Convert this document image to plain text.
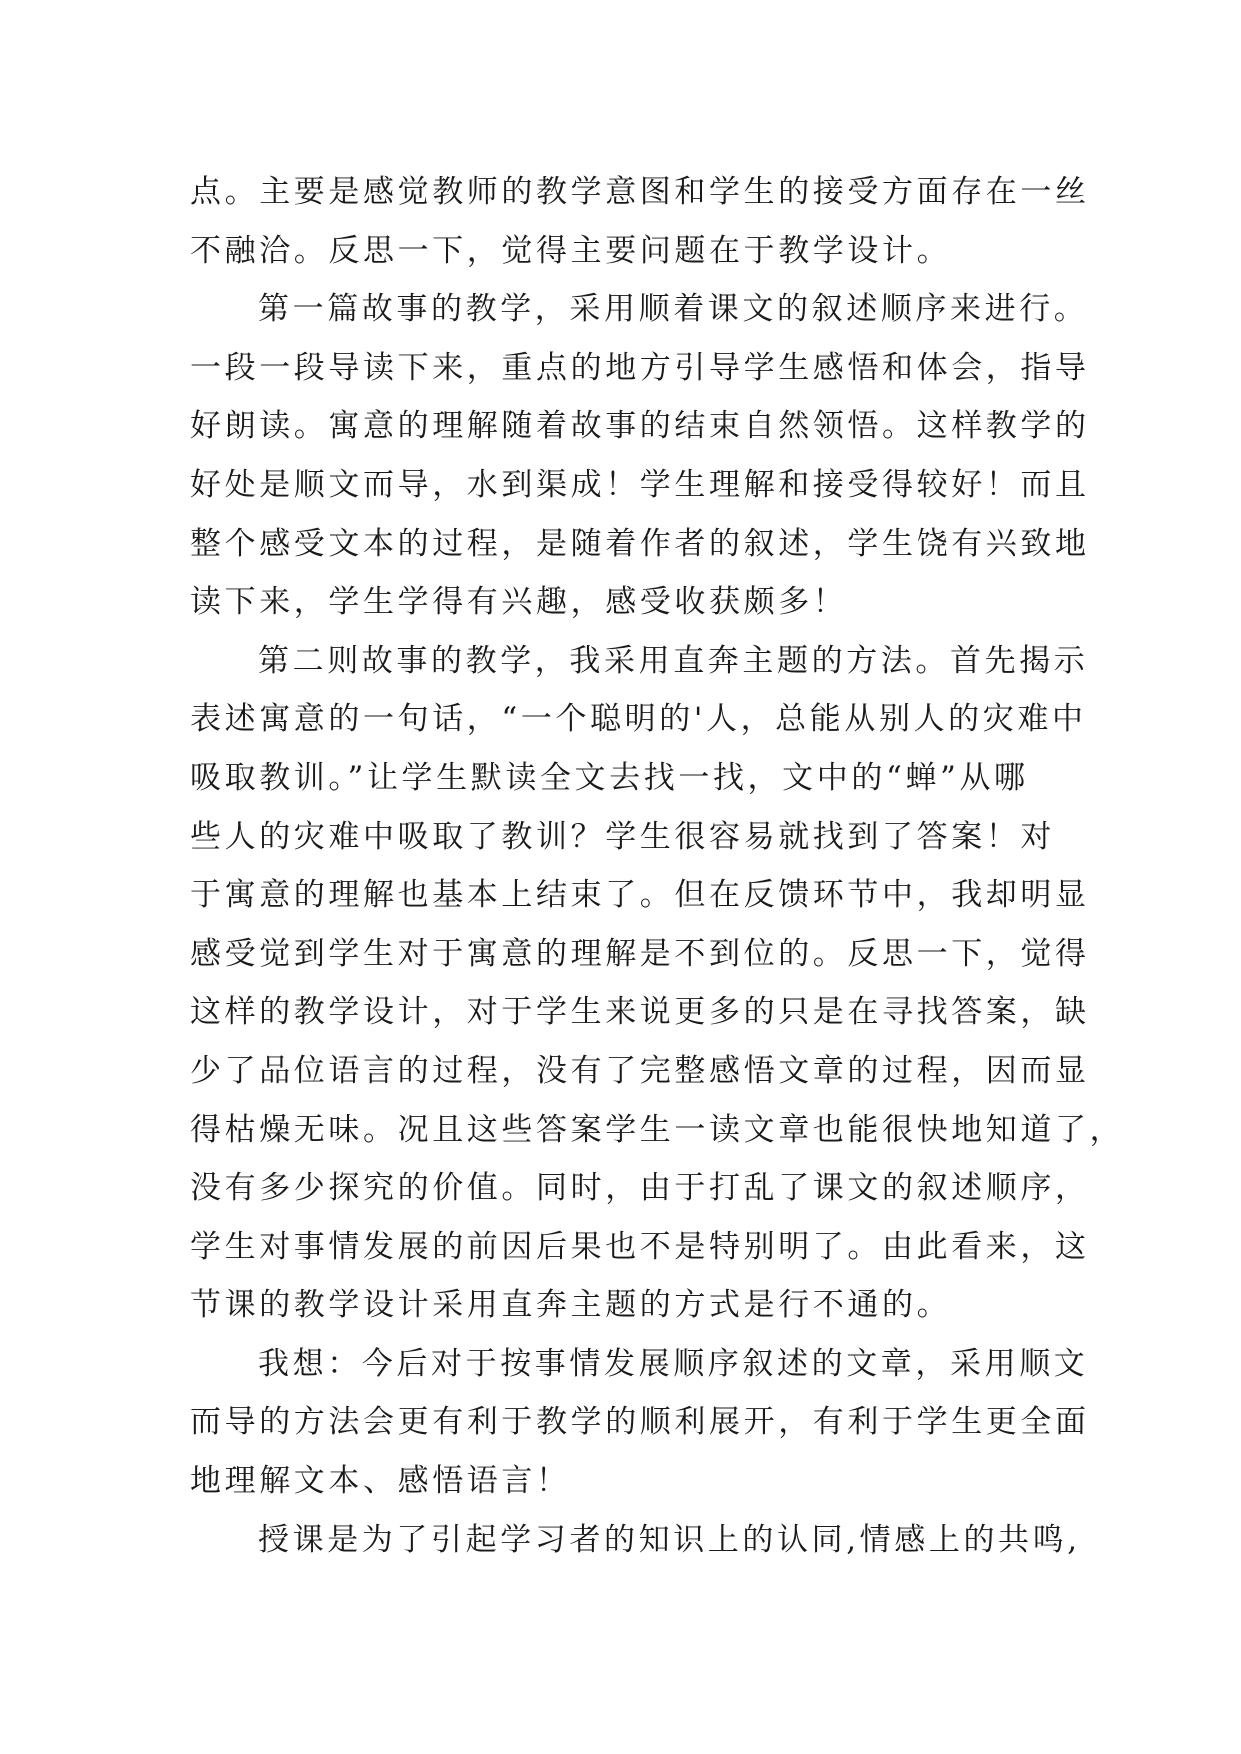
点。主要是感觉教师的教学意图和学生的接受方面存在一丝
不融洽。反思一下，觉得主要问题在于教学设计。
第一篇故事的教学，采用顺着课文的叙述顺序来进行。
一段一段导读下来，重点的地方引导学生感悟和体会，指导
好朗读。寓意的理解随着故事的结束自然领悟。这样教学的
好处是顺文而导，水到渠成！学生理解和接受得较好！而且
整个感受文本的过程，是随着作者的叙述，学生饶有兴致地
读下来，学生学得有兴趣，感受收获颇多！
第二则故事的教学，我采用直奔主题的方法。首先揭示
表述寓意的一句话，“一个聪明的'人，总能从别人的灾难中
吸取教训。”让学生默读全文去找一找，文中的“蝉”从哪
些人的灾难中吸取了教训？学生很容易就找到了答案！对
于寓意的理解也基本上结束了。但在反馈环节中，我却明显
感受觉到学生对于寓意的理解是不到位的。反思一下，觉得
这样的教学设计，对于学生来说更多的只是在寻找答案，缺
少了品位语言的过程，没有了完整感悟文章的过程，因而显
得枯燥无味。况且这些答案学生一读文章也能很快地知道了，
没有多少探究的价值。同时，由于打乱了课文的叙述顺序，
学生对事情发展的前因后果也不是特别明了。由此看来，这
节课的教学设计采用直奔主题的方式是行不通的。
我想：今后对于按事情发展顺序叙述的文章，采用顺文
而导的方法会更有利于教学的顺利展开，有利于学生更全面
地理解文本、感悟语言！
授课是为了引起学习者的知识上的认同,情感上的共鸣,
